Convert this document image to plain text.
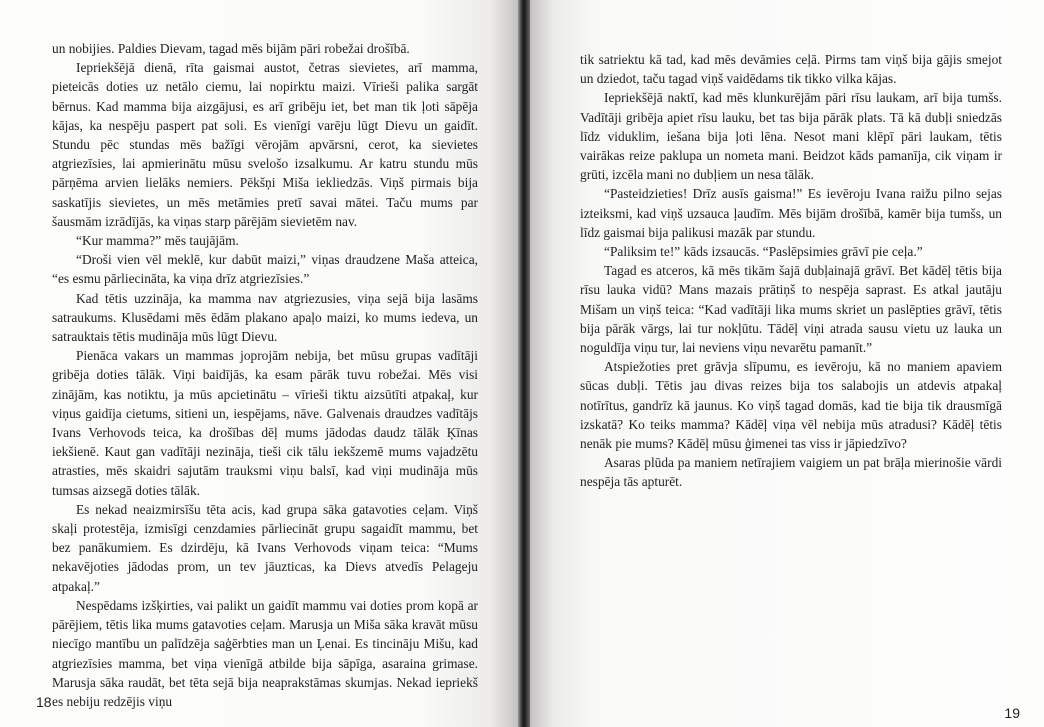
un nobijies. Paldies Dievam, tagad mēs bijām pāri robežai drošībā.

Iepriekšējā dienā, rīta gaismai austot, četras sievietes, arī mamma, pieteicās doties uz netālo ciemu, lai nopirktu maizi. Vīrieši palika sargāt bērnus. Kad mamma bija aizgājusi, es arī gribēju iet, bet man tik ļoti sāpēja kājas, ka nespēju paspert pat soli. Es vienīgi varēju lūgt Dievu un gaidīt. Stundu pēc stundas mēs bažīgi vērojām apvārsni, cerot, ka sievietes atgriezīsies, lai apmierinātu mūsu svelošo izsalkumu. Ar katru stundu mūs pārņēma arvien lielāks nemiers. Pēkšņi Miša iekliedzās. Viņš pirmais bija saskatījis sievietes, un mēs metāmies pretī savai mātei. Taču mums par šausmām izrādījās, ka viņas starp pārējām sievietēm nav.

“Kur mamma?” mēs taujājām.

“Droši vien vēl meklē, kur dabūt maizi,” viņas draudzene Maša atteica, “es esmu pārliecināta, ka viņa drīz atgriezīsies.”

Kad tētis uzzināja, ka mamma nav atgriezusies, viņa sejā bija lasāms satraukums. Klusēdami mēs ēdām plakano apaļo maizi, ko mums iedeva, un satrauktais tētis mudināja mūs lūgt Dievu.

Pienāca vakars un mammas joprojām nebija, bet mūsu grupas vadītāji gribēja doties tālāk. Viņi baidījās, ka esam pārāk tuvu robežai. Mēs visi zinājām, kas notiktu, ja mūs apcietinātu – vīrieši tiktu aizsūtīti atpakaļ, kur viņus gaidīja cietums, sitieni un, iespējams, nāve. Galvenais draudzes vadītājs Ivans Verhovods teica, ka drošības dēļ mums jādodas daudz tālāk Ķīnas iekšienē. Kaut gan vadītāji nezināja, tieši cik tālu iekšzemē mums vajadzētu atrasties, mēs skaidri sajutām trauksmi viņu balsī, kad viņi mudināja mūs tumsas aizsegā doties tālāk.

Es nekad neaizmirsīšu tēta acis, kad grupa sāka gatavoties ceļam. Viņš skaļi protestēja, izmisīgi cenzdamies pārliecināt grupu sagaidīt mammu, bet bez panākumiem. Es dzirdēju, kā Ivans Verhovods viņam teica: “Mums nekavējoties jādodas prom, un tev jāuzticas, ka Dievs atvedīs Pelageju atpakaļ.”

Nespēdams izšķirties, vai palikt un gaidīt mammu vai doties prom kopā ar pārējiem, tētis lika mums gatavoties ceļam. Marusja un Miša sāka kravāt mūsu niecīgo mantību un palīdzēja saģērbties man un Ļenai. Es tincināju Mišu, kad atgriezīsies mamma, bet viņa vienīgā atbilde bija sāpīga, asaraina grimase. Marusja sāka raudāt, bet tēta sejā bija neaprakstāmas skumjas. Nekad iepriekš es nebiju redzējis viņu

18

tik satriektu kā tad, kad mēs devāmies ceļā. Pirms tam viņš bija gājis smejot un dziedot, taču tagad viņš vaidēdams tik tikko vilka kājas.

Iepriekšējā naktī, kad mēs klunkurējām pāri rīsu laukam, arī bija tumšs. Vadītāji gribēja apiet rīsu lauku, bet tas bija pārāk plats. Tā kā dubļi sniedzās līdz viduklim, iešana bija ļoti lēna. Nesot mani klēpī pāri laukam, tētis vairākas reize paklupa un nometa mani. Beidzot kāds pamanīja, cik viņam ir grūti, izcēla mani no dubļiem un nesa tālāk.

“Pasteidzieties! Drīz ausīs gaisma!” Es ievēroju Ivana raižu pilno sejas izteiksmi, kad viņš uzsauca ļaudīm. Mēs bijām drošībā, kamēr bija tumšs, un līdz gaismai bija palikusi mazāk par stundu.

“Paliksim te!” kāds izsaucās. “Paslēpsimies grāvī pie ceļa.”

Tagad es atceros, kā mēs tikām šajā dubļainajā grāvī. Bet kādēļ tētis bija rīsu lauka vidū? Mans mazais prātiņš to nespēja saprast. Es atkal jautāju Mišam un viņš teica: “Kad vadītāji lika mums skriet un paslēpties grāvī, tētis bija pārāk vārgs, lai tur nokļūtu. Tādēļ viņi atrada sausu vietu uz lauka un noguldīja viņu tur, lai neviens viņu nevarētu pamanīt.”

Atspiežoties pret grāvja slīpumu, es ievēroju, kā no maniem apaviem sūcas dubļi. Tētis jau divas reizes bija tos salabojis un atdevis atpakaļ notīrītus, gandrīz kā jaunus. Ko viņš tagad domās, kad tie bija tik drausmīgā izskatā? Ko teiks mamma? Kādēļ viņa vēl nebija mūs atradusi? Kādēļ tētis nenāk pie mums? Kādēļ mūsu ģimenei tas viss ir jāpiedzīvo?

Asaras plūda pa maniem netīrajiem vaigiem un pat brāļa mierinošie vārdi nespēja tās apturēt.

19
